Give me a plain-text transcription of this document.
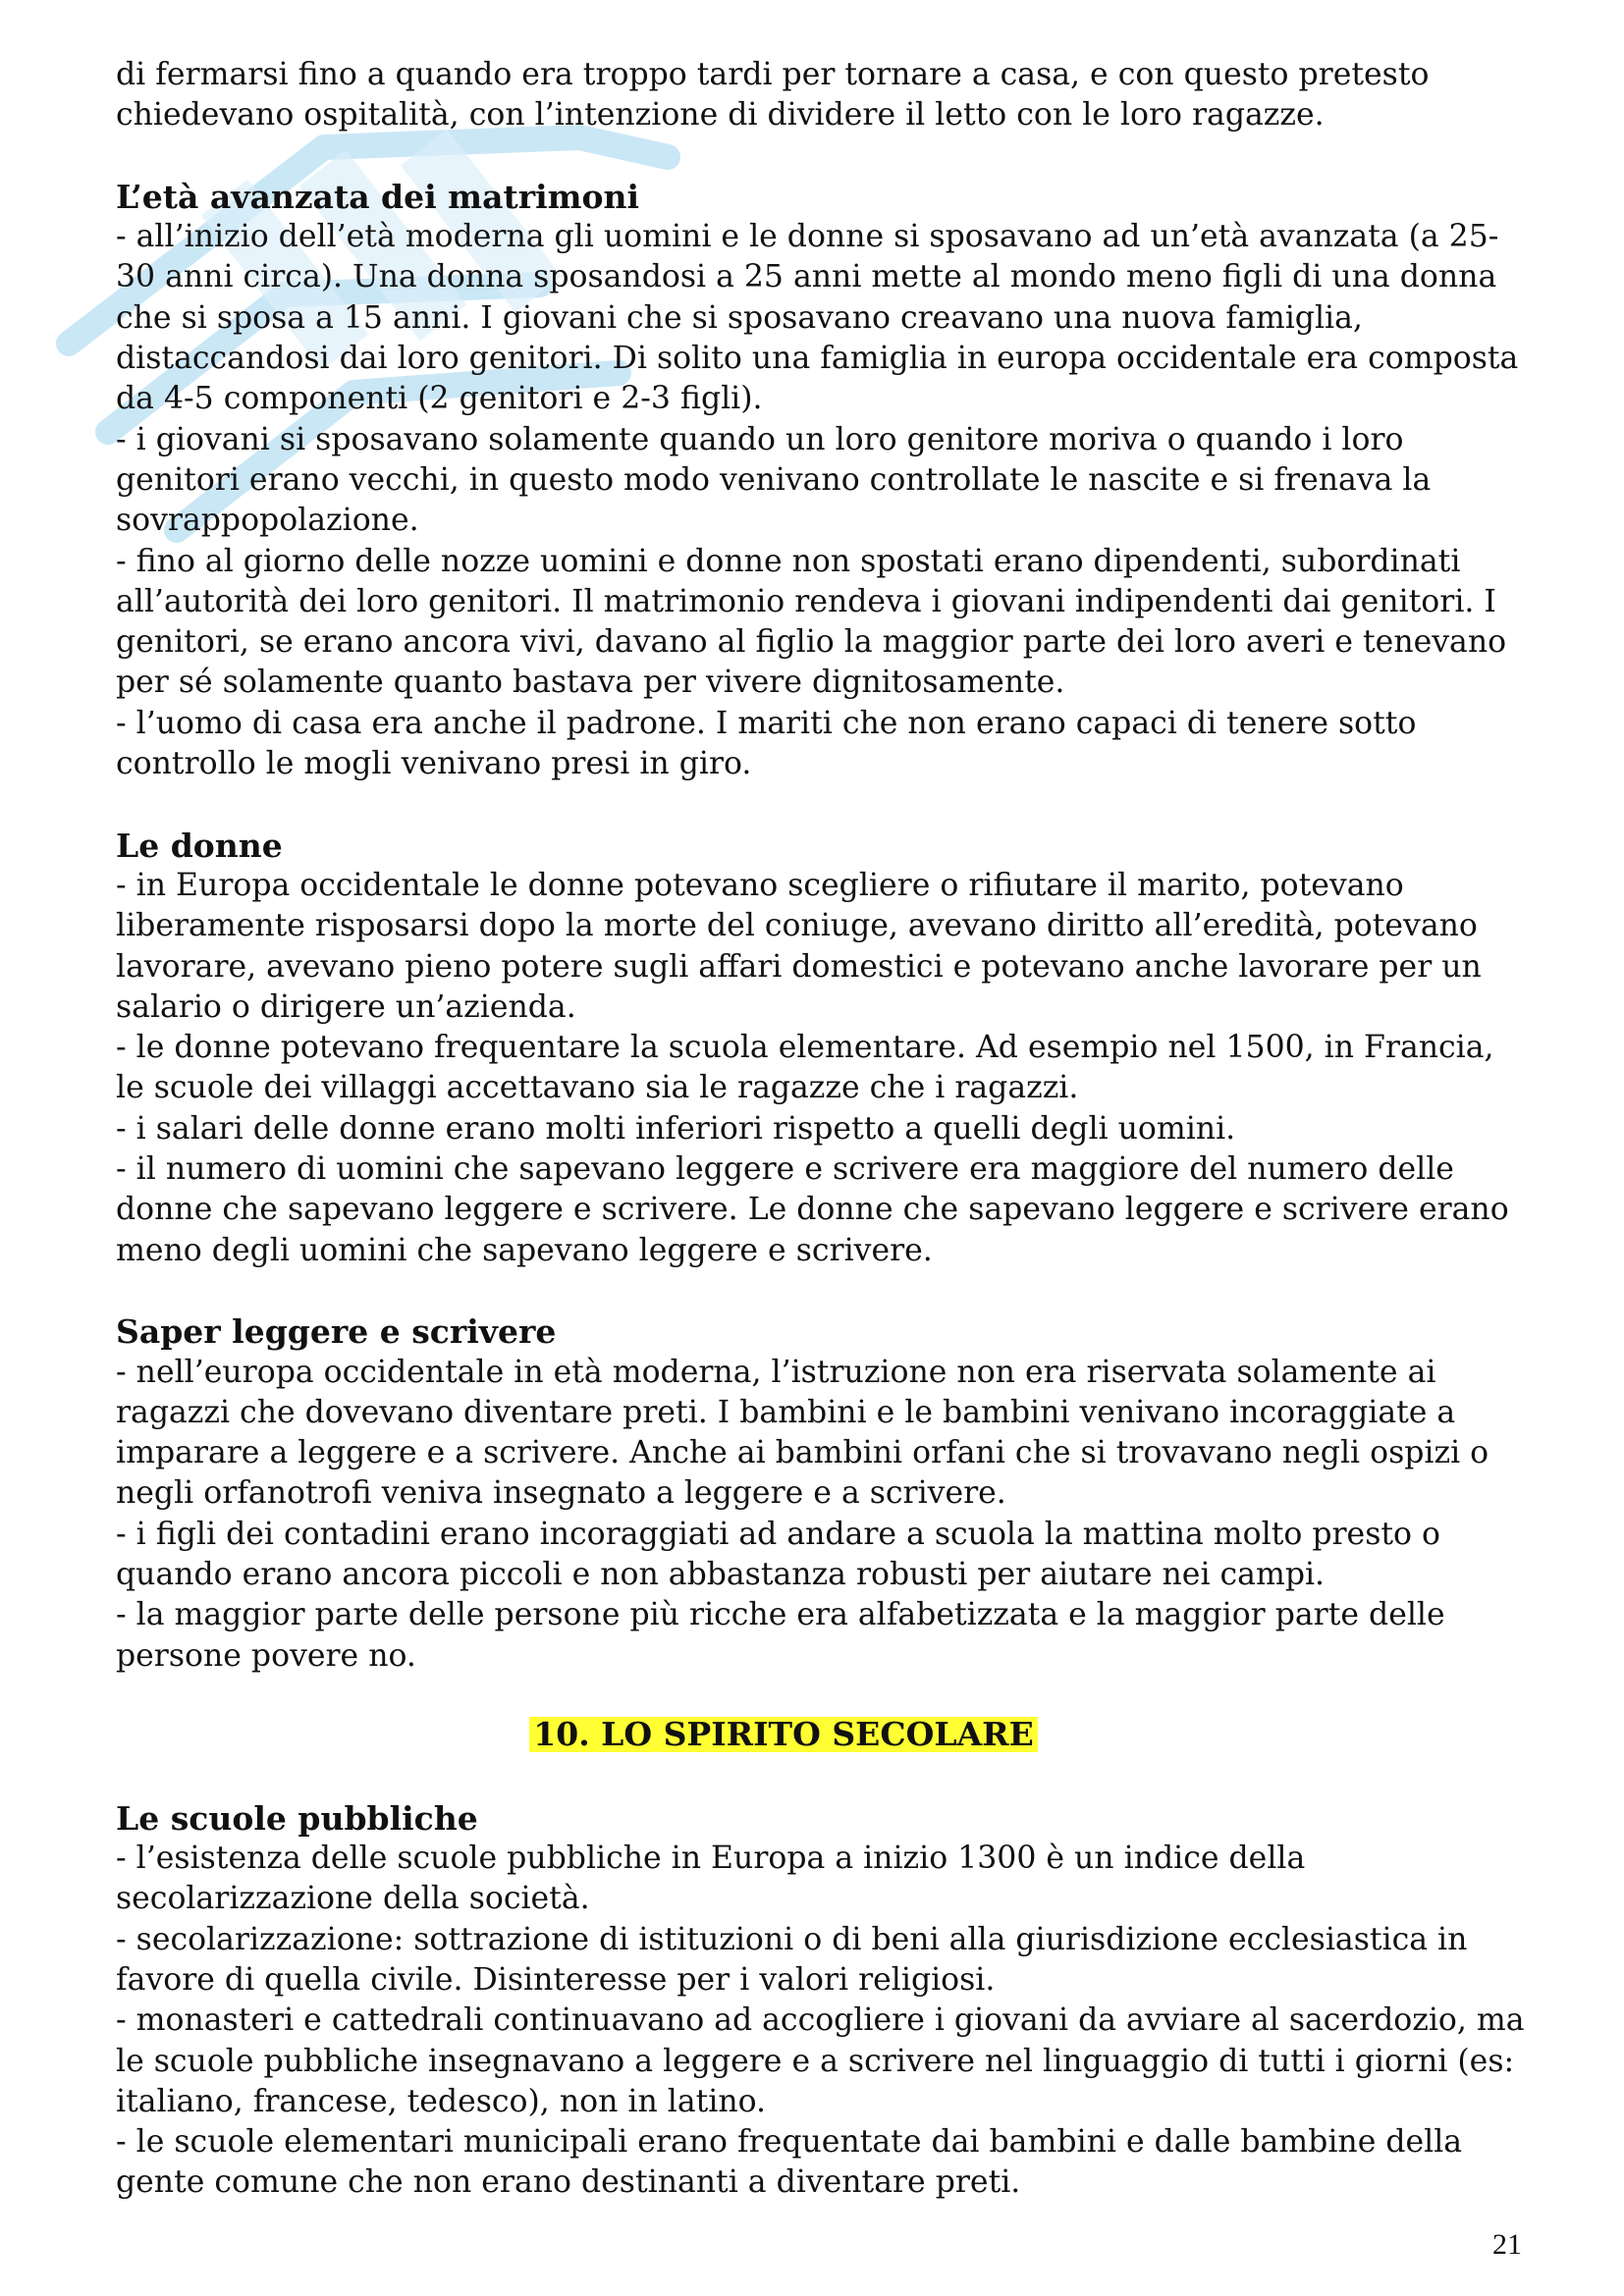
di fermarsi fino a quando era troppo tardi per tornare a casa, e con questo pretesto
chiedevano ospitalità, con l’intenzione di dividere il letto con le loro ragazze.
L’età avanzata dei matrimoni
- all’inizio dell’età moderna gli uomini e le donne si sposavano ad un’età avanzata (a 25-
30 anni circa). Una donna sposandosi a 25 anni mette al mondo meno figli di una donna
che si sposa a 15 anni. I giovani che si sposavano creavano una nuova famiglia,
distaccandosi dai loro genitori. Di solito una famiglia in europa occidentale era composta
da 4-5 componenti (2 genitori e 2-3 figli).
- i giovani si sposavano solamente quando un loro genitore moriva o quando i loro
genitori erano vecchi, in questo modo venivano controllate le nascite e si frenava la
sovrappopolazione.
- fino al giorno delle nozze uomini e donne non spostati erano dipendenti, subordinati
all’autorità dei loro genitori. Il matrimonio rendeva i giovani indipendenti dai genitori. I
genitori, se erano ancora vivi, davano al figlio la maggior parte dei loro averi e tenevano
per sé solamente quanto bastava per vivere dignitosamente.
- l’uomo di casa era anche il padrone. I mariti che non erano capaci di tenere sotto
controllo le mogli venivano presi in giro.
Le donne
- in Europa occidentale le donne potevano scegliere o rifiutare il marito, potevano
liberamente risposarsi dopo la morte del coniuge, avevano diritto all’eredità, potevano
lavorare, avevano pieno potere sugli affari domestici e potevano anche lavorare per un
salario o dirigere un’azienda.
- le donne potevano frequentare la scuola elementare. Ad esempio nel 1500, in Francia,
le scuole dei villaggi accettavano sia le ragazze che i ragazzi.
- i salari delle donne erano molti inferiori rispetto a quelli degli uomini.
- il numero di uomini che sapevano leggere e scrivere era maggiore del numero delle
donne che sapevano leggere e scrivere. Le donne che sapevano leggere e scrivere erano
meno degli uomini che sapevano leggere e scrivere.
Saper leggere e scrivere
- nell’europa occidentale in età moderna, l’istruzione non era riservata solamente ai
ragazzi che dovevano diventare preti. I bambini e le bambini venivano incoraggiate a
imparare a leggere e a scrivere. Anche ai bambini orfani che si trovavano negli ospizi o
negli orfanotrofi veniva insegnato a leggere e a scrivere.
- i figli dei contadini erano incoraggiati ad andare a scuola la mattina molto presto o
quando erano ancora piccoli e non abbastanza robusti per aiutare nei campi.
- la maggior parte delle persone più ricche era alfabetizzata e la maggior parte delle
persone povere no.
10. LO SPIRITO SECOLARE
Le scuole pubbliche
- l’esistenza delle scuole pubbliche in Europa a inizio 1300 è un indice della
secolarizzazione della società.
- secolarizzazione: sottrazione di istituzioni o di beni alla giurisdizione ecclesiastica in
favore di quella civile. Disinteresse per i valori religiosi.
- monasteri e cattedrali continuavano ad accogliere i giovani da avviare al sacerdozio, ma
le scuole pubbliche insegnavano a leggere e a scrivere nel linguaggio di tutti i giorni (es:
italiano, francese, tedesco), non in latino.
- le scuole elementari municipali erano frequentate dai bambini e dalle bambine della
gente comune che non erano destinanti a diventare preti.
21
